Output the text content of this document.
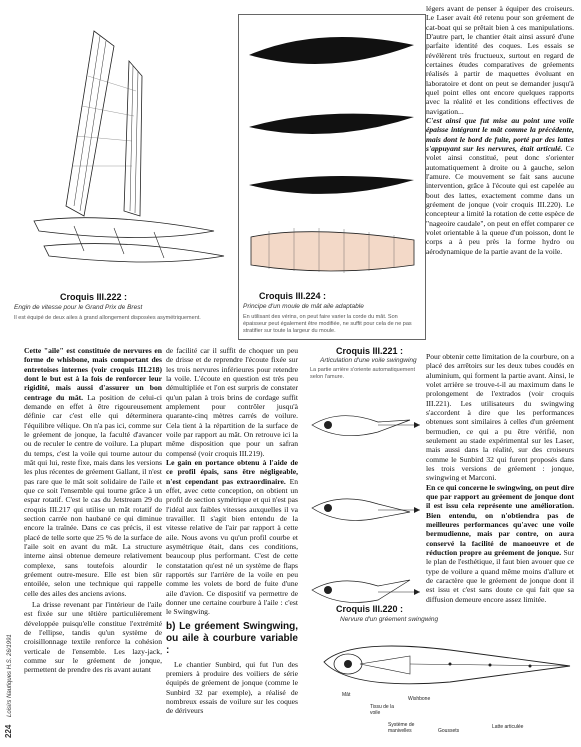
Croquis III.222 :
Engin de vitesse pour le Grand Prix de Brest
Il est équipé de deux ailes à grand allongement disposées asymétriquement.
Croquis III.224 :
Principe d'un moule de mât aile adaptable
En utilisant des vérins, on peut faire varier la corde du mât. Son épaisseur peut également être modifiée, ne suffit pour cela de ne pas stratifier sur toute la largeur du moule.

légers avant de penser à équiper des croiseurs. Le Laser avait été retenu pour son gréement de cat-boat qui se prêtait bien à ces manipulations. D'autre part, le chantier était ainsi assuré d'une parfaite identité des coques. Les essais se révélèrent très fructueux, surtout en regard de certaines études comparatives de gréements réalisés à partir de maquettes évoluant en laboratoire et dont on peut se demander jusqu'à quel point elles ont encore quelques rapports avec la réalité et les conditions effectives de navigation...

C'est ainsi que fut mise au point une voile épaisse intégrant le mât comme la précédente, mais dont le bord de fuite, porté par des lattes s'appuyant sur les nervures, était articulé. Ce volet ainsi constitué, peut donc s'orienter automatiquement à droite ou à gauche, selon l'amure. Ce mouvement se fait sans aucune intervention, grâce à l'écoute qui est capelée au bout des lattes, exactement comme dans un gréement de jonque (voir croquis III.220). Le concepteur a limité la rotation de cette espèce de "nageoire caudale", on peut en effet comparer ce volet orientable à la queue d'un poisson, dont le corps a à peu près la forme hydro ou aérodynamique de la partie avant de la voile.

Cette "aile" est constituée de nervures en forme de whisbone, mais comportant des entretoises internes (voir croquis III.218) dont le but est à la fois de renforcer leur rigidité, mais aussi d'assurer un bon centrage du mât. La position de celui-ci demande en effet à être rigoureusement définie car c'est elle qui déterminera l'équilibre vélique. On n'a pas ici, comme sur le gréement de jonque, la faculté d'avancer ou de reculer le centre de voilure. La plupart du temps, c'est la voile qui tourne autour du mât qui lui, reste fixe, mais dans les versions les plus récentes de gréement Gallant, il n'est pas rare que le mât soit solidaire de l'aile et que ce soit l'ensemble qui tourne grâce à un espar rotatif. C'est le cas du Jetstream 29 du croquis III.217 qui utilise un mât rotatif de section carrée non haubané ce qui diminue encore la traînée. Dans ce cas précis, il est placé de telle sorte que 25 % de la surface de l'aile soit en avant du mât. La structure interne ainsi obtenue demeure relativement complexe, sans toutefois alourdir le gréement outre-mesure. Elle est bien sûr entoilée, selon une technique qui rappelle celle des ailes des anciens avions.

La drisse revenant par l'intérieur de l'aile est fixée sur une têtière particulièrement développée puisqu'elle constitue l'extrémité de l'ellipse, tandis qu'un système de croisillonnage textile renforce la cohésion verticale de l'ensemble. Les lazy-jack, comme sur le gréement de jonque, permettent de prendre des ris avant autant

de facilité car il suffit de choquer un peu de drisse et de reprendre l'écoute fixée sur les trois nervures inférieures pour retendre la voile. L'écoute en question est très peu démultipliée et l'on est surpris de constater qu'un palan à trois brins de cordage suffit amplement pour contrôler jusqu'à quarante-cinq mètres carrés de voilure. Cela tient à la répartition de la surface de voile par rapport au mât. On retrouve ici la même disposition que pour un safran compensé (voir croquis III.219).

Le gain en portance obtenu à l'aide de ce profil épais, sans être négligeable, n'est cependant pas extraordinaire. En effet, avec cette conception, on obtient un profil de section symétrique et qui n'est pas l'idéal aux faibles vitesses auxquelles il va travailler. Il s'agit bien entendu de la vitesse relative de l'air par rapport à cette aile. Nous avons vu qu'un profil courbe et asymétrique était, dans ces conditions, beaucoup plus performant. C'est de cette constatation qu'est né un système de flaps rapportés sur l'arrière de la voile en peu comme les volets de bord de fuite d'une aile d'avion. Ce dispositif va permettre de donner une certaine courbure à l'aile : c'est le Swingwing.

b) Le gréement Swingwing, ou aile à courbure variable :

Le chantier Sunbird, qui fut l'un des premiers à produire des voiliers de série équipés de gréement de jonque (comme le Sunbird 32 par exemple), a réalisé de nombreux essais de voilure sur les coques de dériveurs

Croquis III.221 :
Articulation d'une voile swingwing
La partie arrière s'oriente automatiquement selon l'amure.
Croquis III.220 :
Nervure d'un gréement swingwing
Mât
Tissu de la voile
Wishbone
Système de manivelles	Goussets
Latte articulée

Pour obtenir cette limitation de la courbure, on a placé des arrêtoirs sur les deux tubes coudés en aluminium, qui forment la partie avant. Ainsi, le volet arrière se trouve-t-il au maximum dans le prolongement de l'extrados (voir croquis III.221). Les utilisateurs du swingwing s'accordent à dire que les performances obtenues sont similaires à celles d'un gréement bermudien, ce qui a pu être vérifié, non seulement au stade expérimental sur les Laser, mais aussi dans la réalité, sur des croiseurs comme le Sunbird 32 qui furent proposés dans les trois versions de gréement : jonque, swingwing et Marconi.

En ce qui concerne le swingwing, on peut dire que par rapport au gréement de jonque dont il est issu cela représente une amélioration. Bien entendu, on n'obtiendra pas de meilleures performances qu'avec une voile bermudienne, mais par contre, on aura conservé la facilité de manoeuvre et de réduction propre au gréement de jonque. Sur le plan de l'esthétique, il faut bien avouer que ce type de voilure a quand même moins d'allure et de caractère que le gréement de jonque dont il est issu et c'est sans doute ce qui fait que sa diffusion demeure encore assez limitée.

224 Loisirs Nautiques H.S. 26/1991
